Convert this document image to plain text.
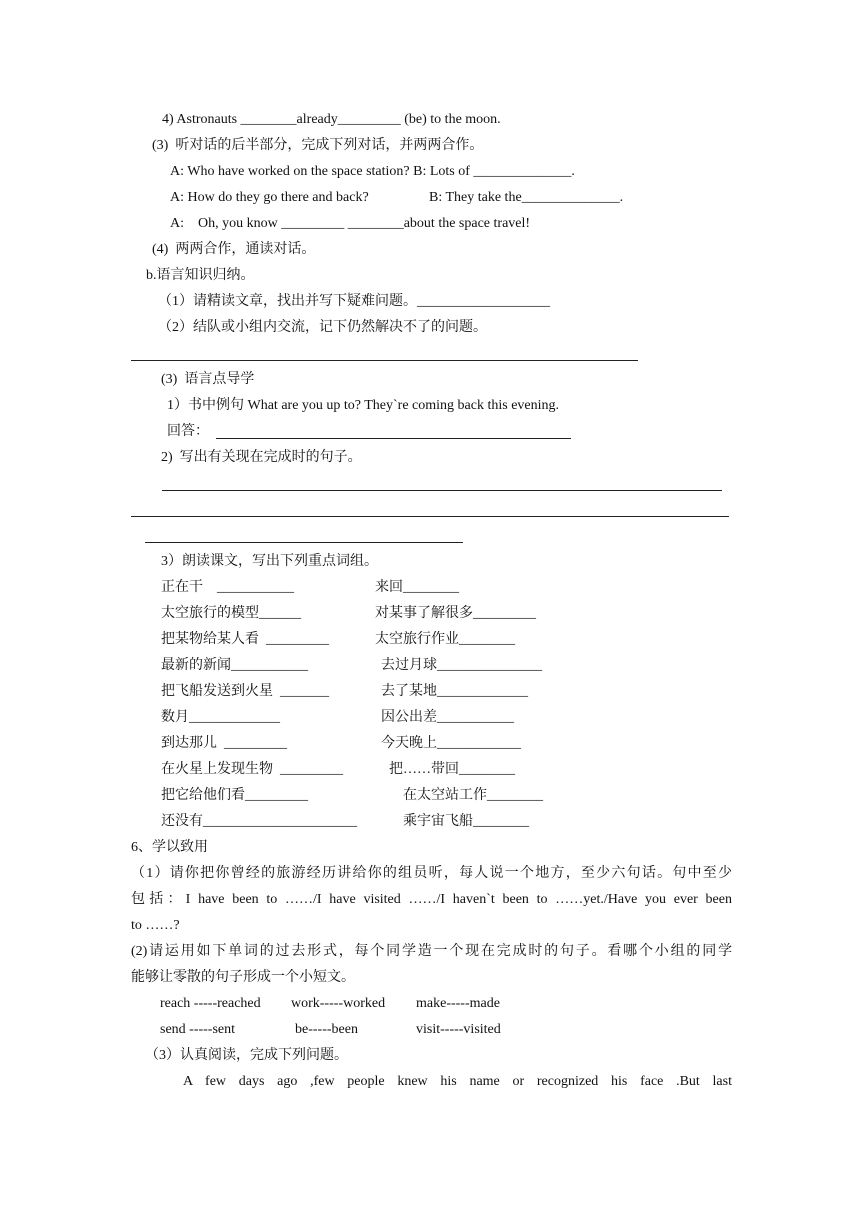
4) Astronauts ________already_________ (be) to the moon.
(3)  听对话的后半部分，完成下列对话，并两两合作。
A: Who have worked on the space station? B: Lots of ______________.
A: How do they go there and back?	B: They take the______________.
A:    Oh, you know _________ ________about the space travel!
(4)  两两合作，通读对话。
b.语言知识归纳。
（1）请精读文章，找出并写下疑难问题。___________________
（2）结队或小组内交流，记下仍然解决不了的问题。
(3)  语言点导学
1）书中例句 What are you up to? They`re coming back this evening.
回答：
2)  写出有关现在完成时的句子。
3）朗读课文，写出下列重点词组。
正在干    ___________	来回________
太空旅行的模型______	对某事了解很多_________
把某物给某人看  _________	太空旅行作业________
最新的新闻___________	去过月球_______________
把飞船发送到火星  _______	去了某地_____________
数月_____________	因公出差___________
到达那儿  _________	今天晚上____________
在火星上发现生物  _________	把……带回________
把它给他们看_________	在太空站工作________
还没有______________________	乘宇宙飞船________
6、学以致用
（1）请你把你曾经的旅游经历讲给你的组员听，每人说一个地方，至少六句话。句中至少
包括：I have been to ……/I have visited ……/I haven`t been to ……yet./Have you ever been
to ……?
(2)请运用如下单词的过去形式，每个同学造一个现在完成时的句子。看哪个小组的同学
能够让零散的句子形成一个小短文。
reach -----reached work-----worked make-----made
send -----sent	be-----been	visit-----visited
（3）认真阅读，完成下列问题。
A few days ago ,few people knew his name or recognized his face .But last
